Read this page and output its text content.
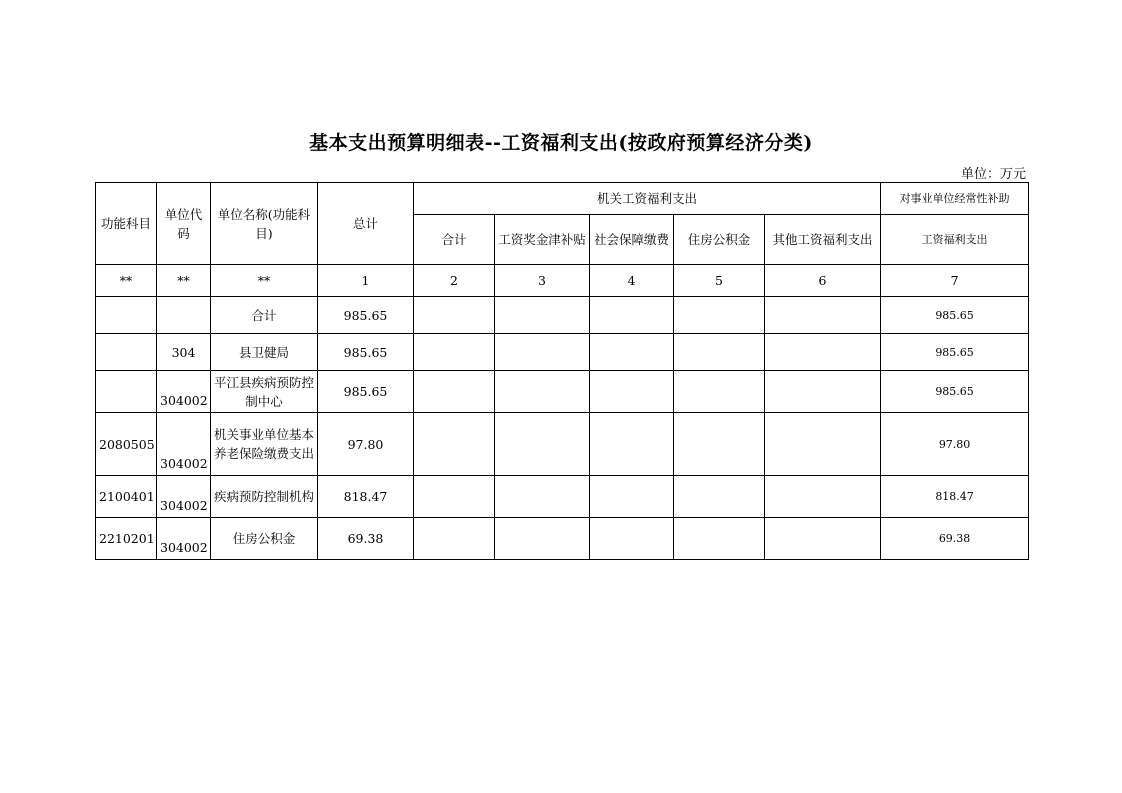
基本支出预算明细表--工资福利支出(按政府预算经济分类)
单位：万元
功能科目	单位代码	单位名称(功能科目)	总计	机关工资福利支出					对事业单位经常性补助
				合计	工资奖金津补贴	社会保障缴费	住房公积金	其他工资福利支出	工资福利支出
**	**	**	1	2	3	4	5	6	7
		合计	985.65						985.65
	304	县卫健局	985.65						985.65
	304002	平江县疾病预防控制中心	985.65						985.65
2080505	304002	机关事业单位基本养老保险缴费支出	97.80						97.80
2100401	304002	疾病预防控制机构	818.47						818.47
2210201	304002	住房公积金	69.38						69.38
